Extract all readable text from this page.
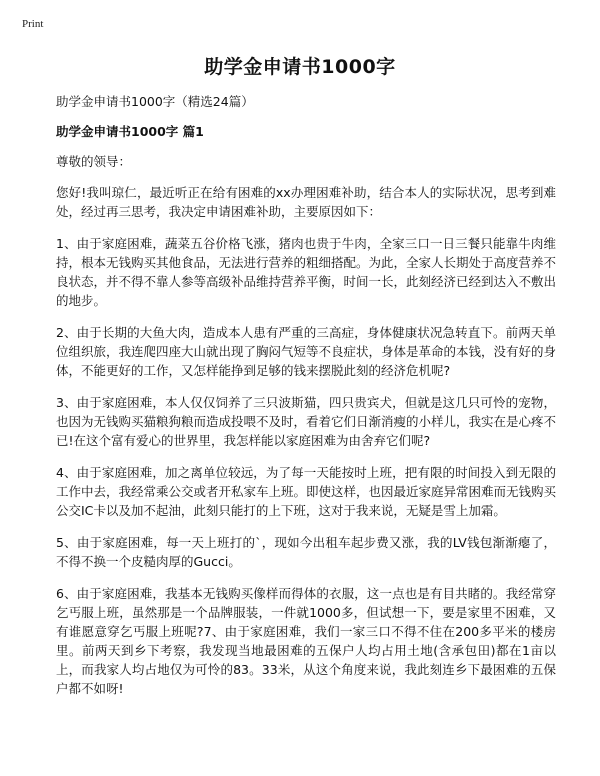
Print
助学金申请书1000字
助学金申请书1000字（精选24篇）
助学金申请书1000字 篇1
尊敬的领导：
您好!我叫琼仁，最近听正在给有困难的xx办理困难补助，结合本人的实际状况，思考到难处，经过再三思考，我决定申请困难补助，主要原因如下：
1、由于家庭困难，蔬菜五谷价格飞涨，猪肉也贵于牛肉，全家三口一日三餐只能靠牛肉维持，根本无钱购买其他食品，无法进行营养的粗细搭配。为此，全家人长期处于高度营养不良状态，并不得不靠人参等高级补品维持营养平衡，时间一长，此刻经济已经到达入不敷出的地步。
2、由于长期的大鱼大肉，造成本人患有严重的三高症，身体健康状况急转直下。前两天单位组织旅，我连爬四座大山就出现了胸闷气短等不良症状，身体是革命的本钱，没有好的身体，不能更好的工作，又怎样能挣到足够的钱来摆脱此刻的经济危机呢?
3、由于家庭困难，本人仅仅饲养了三只波斯猫，四只贵宾犬，但就是这几只可怜的宠物，也因为无钱购买猫粮狗粮而造成投喂不及时，看着它们日渐消瘦的小样儿，我实在是心疼不已!在这个富有爱心的世界里，我怎样能以家庭困难为由舍弃它们呢?
4、由于家庭困难，加之离单位较远，为了每一天能按时上班，把有限的时间投入到无限的工作中去，我经常乘公交或者开私家车上班。即使这样，也因最近家庭异常困难而无钱购买公交IC卡以及加不起油，此刻只能打的上下班，这对于我来说，无疑是雪上加霜。
5、由于家庭困难，每一天上班打的`，现如今出租车起步费又涨，我的LV钱包渐渐瘪了，不得不换一个皮糙肉厚的Gucci。
6、由于家庭困难，我基本无钱购买像样而得体的衣服，这一点也是有目共睹的。我经常穿乞丐服上班，虽然那是一个品牌服装，一件就1000多，但试想一下，要是家里不困难，又有谁愿意穿乞丐服上班呢?7、由于家庭困难，我们一家三口不得不住在200多平米的楼房里。前两天到乡下考察，我发现当地最困难的五保户人均占用土地(含承包田)都在1亩以上，而我家人均占地仅为可怜的83。33米，从这个角度来说，我此刻连乡下最困难的五保户都不如呀!
